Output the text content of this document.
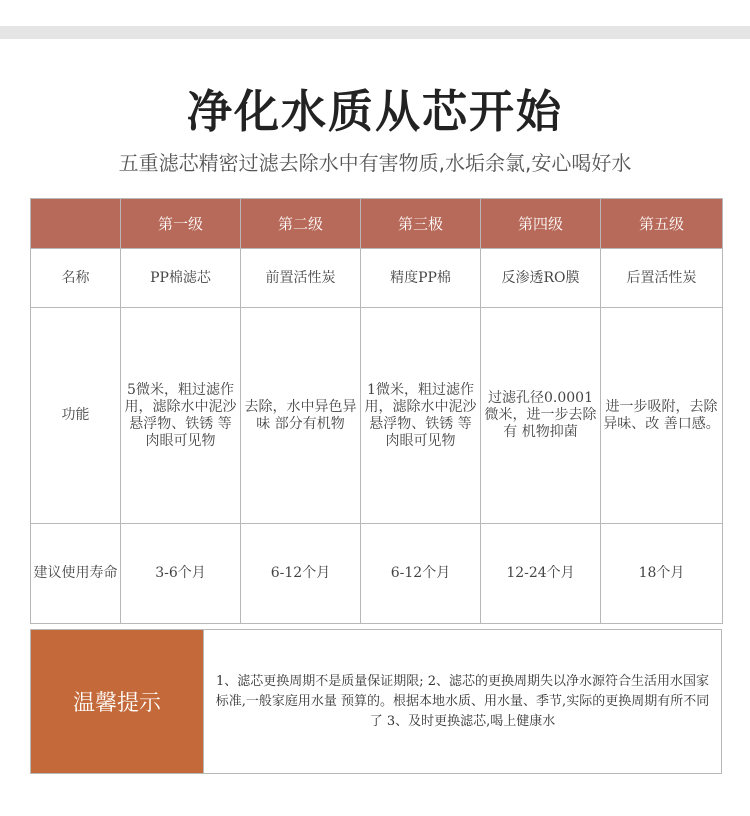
净化水质从芯开始
五重滤芯精密过滤去除水中有害物质,水垢余氯,安心喝好水
	第一级	第二级	第三极	第四级	第五级
名称	PP棉滤芯	前置活性炭	精度PP棉	反渗透RO膜	后置活性炭
功能	5微米，粗过滤作用，滤除水中泥沙 悬浮物、铁锈 等肉眼可见物	去除，水中异色异味 部分有机物	1微米，粗过滤作用，滤除水中泥沙 悬浮物、铁锈 等肉眼可见物	过滤孔径0.0001微米，进一步去除有 机物抑菌	进一步吸附，去除异味、改 善口感。
建议使用寿命	3-6个月	6-12个月	6-12个月	12-24个月	18个月
温馨提示
1、滤芯更换周期不是质量保证期限; 2、滤芯的更换周期失以净水源符合生活用水国家标准,一般家庭用水量 预算的。根据本地水质、用水量、季节,实际的更换周期有所不同了 3、及时更换滤芯,喝上健康水
